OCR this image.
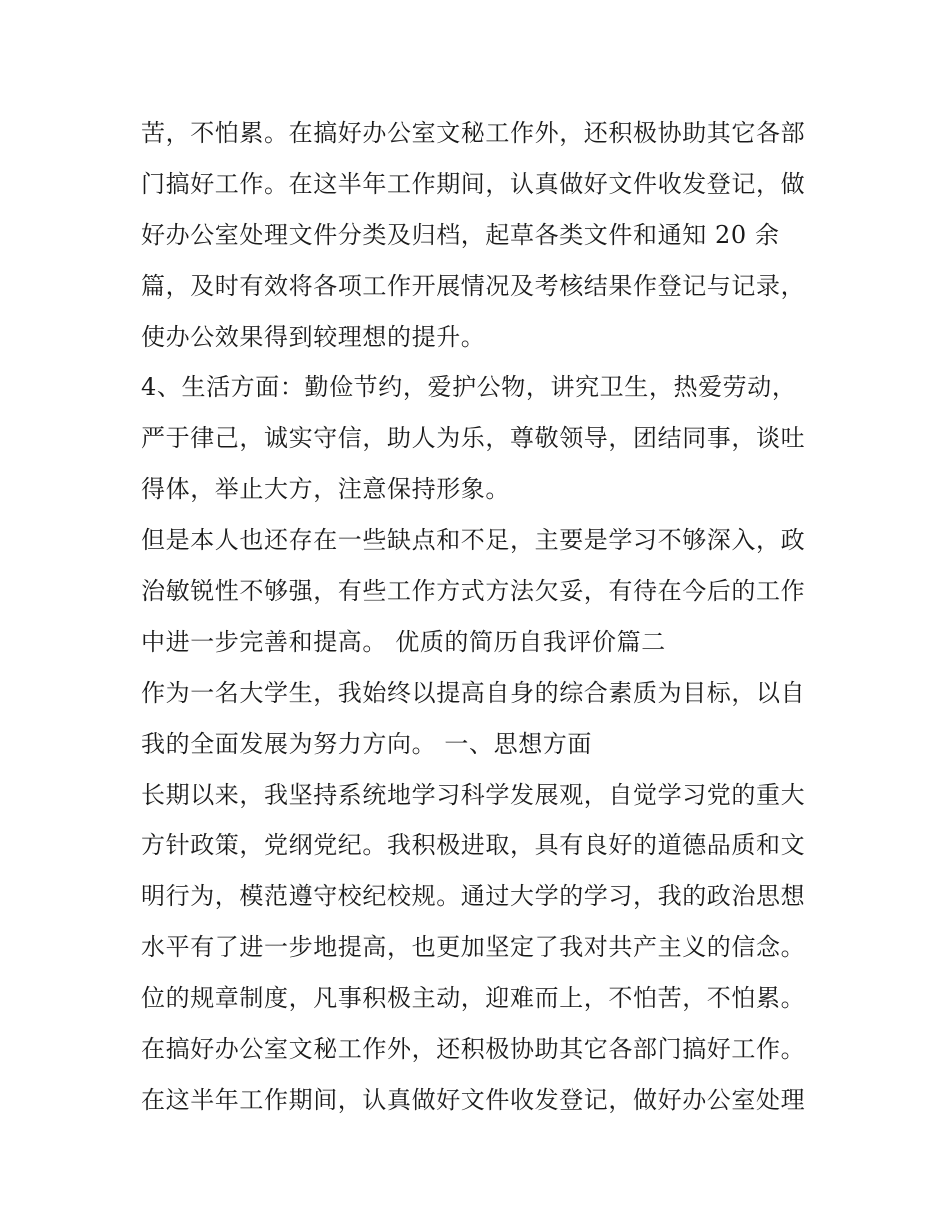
苦，不怕累。在搞好办公室文秘工作外，还积极协助其它各部
门搞好工作。在这半年工作期间，认真做好文件收发登记，做
好办公室处理文件分类及归档，起草各类文件和通知 20 余
篇，及时有效将各项工作开展情况及考核结果作登记与记录，
使办公效果得到较理想的提升。
4、生活方面：勤俭节约，爱护公物，讲究卫生，热爱劳动，
严于律己，诚实守信，助人为乐，尊敬领导，团结同事，谈吐
得体，举止大方，注意保持形象。
但是本人也还存在一些缺点和不足，主要是学习不够深入，政
治敏锐性不够强，有些工作方式方法欠妥，有待在今后的工作
中进一步完善和提高。 优质的简历自我评价篇二
作为一名大学生，我始终以提高自身的综合素质为目标，以自
我的全面发展为努力方向。 一、思想方面
长期以来，我坚持系统地学习科学发展观，自觉学习党的重大
方针政策，党纲党纪。我积极进取，具有良好的道德品质和文
明行为，模范遵守校纪校规。通过大学的学习，我的政治思想
水平有了进一步地提高，也更加坚定了我对共产主义的信念。
位的规章制度，凡事积极主动，迎难而上，不怕苦，不怕累。
在搞好办公室文秘工作外，还积极协助其它各部门搞好工作。
在这半年工作期间，认真做好文件收发登记，做好办公室处理
